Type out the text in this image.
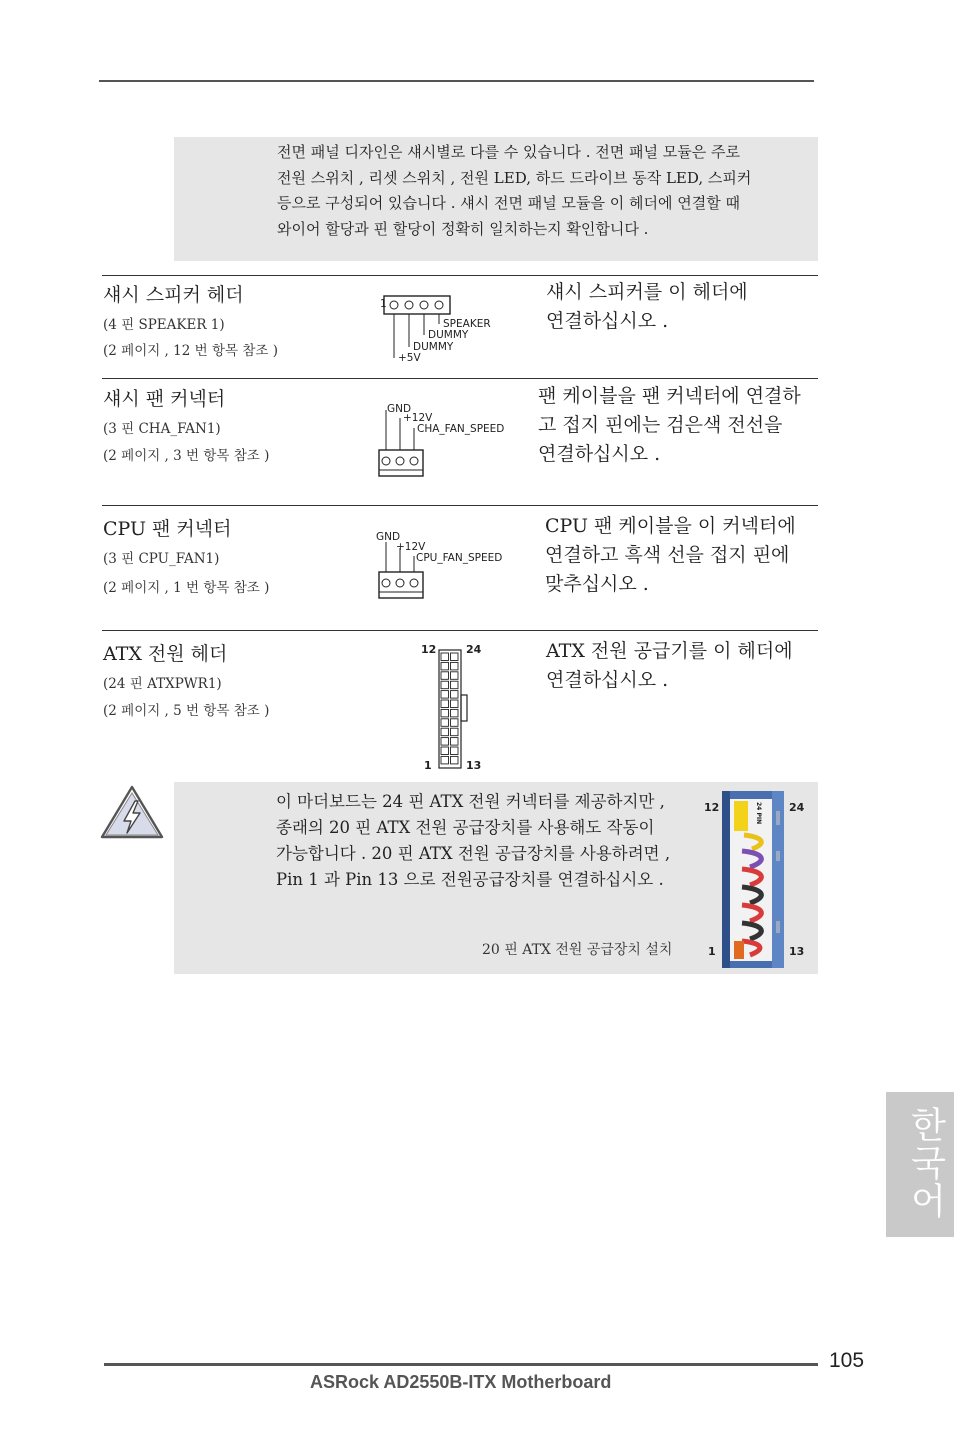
전면 패널 디자인은 섀시별로 다를 수 있습니다 . 전면 패널 모듈은 주로
전원 스위치 , 리셋 스위치 , 전원 LED, 하드 드라이브 동작 LED, 스피커
등으로 구성되어 있습니다 . 섀시 전면 패널 모듈을 이 헤더에 연결할 때
와이어 할당과 핀 할당이 정확히 일치하는지 확인합니다 .
섀시 스피커 헤더
(4 핀 SPEAKER 1)
(2 페이지 , 12 번 항목 참조 )
섀시 스피커를 이 헤더에
연결하십시오 .
1
SPEAKER
DUMMY
DUMMY
+5V
섀시 팬 커넥터
(3 핀 CHA_FAN1)
(2 페이지 , 3 번 항목 참조 )
팬 케이블을 팬 커넥터에 연결하
고 접지 핀에는 검은색 전선을
연결하십시오 .
GND
+12V
CHA_FAN_SPEED
CPU 팬 커넥터
(3 핀 CPU_FAN1)
(2 페이지 , 1 번 항목 참조 )
CPU 팬 케이블을 이 커넥터에
연결하고 흑색 선을 접지 핀에
맞추십시오 .
GND
+12V
CPU_FAN_SPEED
ATX 전원 헤더
(24 핀 ATXPWR1)
(2 페이지 , 5 번 항목 참조 )
ATX 전원 공급기를 이 헤더에
연결하십시오 .
12	24
1	13
이 마더보드는 24 핀 ATX 전원 커넥터를 제공하지만 ,
종래의 20 핀 ATX 전원 공급장치를 사용해도 작동이
가능합니다 . 20 핀 ATX 전원 공급장치를 사용하려면 ,
Pin 1 과 Pin 13 으로 전원공급장치를 연결하십시오 .
20 핀 ATX 전원 공급장치 설치
24 PIN
12	24
1	13
한국어
105
ASRock AD2550B-ITX Motherboard
